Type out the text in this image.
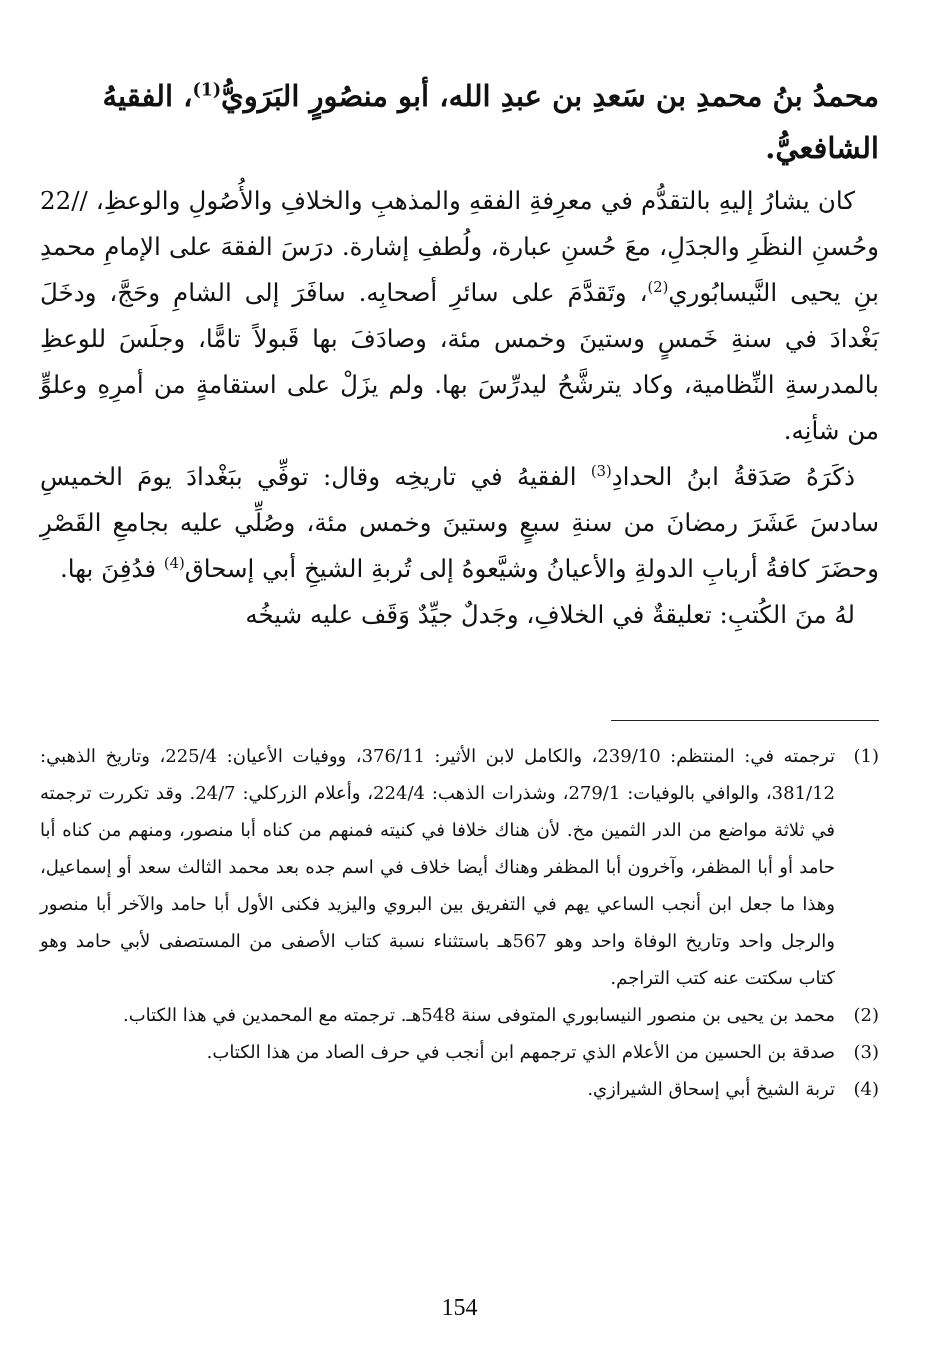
محمدُ بنُ محمدِ بن سَعدِ بن عبدِ الله، أبو منصُورٍ البَرَويُّ$^{(1)}$، الفقيهُ الشافعيُّ.

كان يشارُ إليهِ بالتقدُّم في معرِفةِ الفقهِ والمذهبِ والخلافِ والأُصُولِ والوعظِ، //22 وحُسنِ النظَرِ والجدَلِ، معَ حُسنِ عبارة، ولُطفِ إشارة. درَسَ الفقهَ على الإمامِ محمدِ بنِ يحيى النَّيسابُوري$^{(2)}$، وتَقدَّمَ على سائرِ أصحابِه. سافَرَ إلى الشامِ وحَجَّ، ودخَلَ بَغْدادَ في سنةِ خَمسٍ وستينَ وخمس مئة، وصادَفَ بها قَبولاً تامًّا، وجلَسَ للوعظِ بالمدرسةِ النِّظامية، وكاد يترشَّحُ ليدرِّسَ بها. ولم يزَلْ على استقامةٍ من أمرِهِ وعلوٍّ من شأنِه.

ذكَرَهُ صَدَقةُ ابنُ الحدادِ$^{(3)}$ الفقيهُ في تاريخِه وقال: توفِّي ببَغْدادَ يومَ الخميسِ سادسَ عَشَرَ رمضانَ من سنةِ سبعٍ وستينَ وخمس مئة، وصُلِّي عليه بجامعِ القَصْرِ وحضَرَ كافةُ أربابِ الدولةِ والأعيانُ وشيَّعوهُ إلى تُربةِ الشيخِ أبي إسحاق$^{(4)}$ فدُفِنَ بها.

لهُ منَ الكُتبِ: تعليقةٌ في الخلافِ، وجَدلٌ جيِّدٌ وَقَف عليه شيخُه

(1)
ترجمته في: المنتظم: 239/10، والكامل لابن الأثير: 376/11، ووفيات الأعيان: 225/4، وتاريخ الذهبي: 381/12، والوافي بالوفيات: 279/1، وشذرات الذهب: 224/4، وأعلام الزركلي: 24/7. وقد تكررت ترجمته في ثلاثة مواضع من الدر الثمين مخ. لأن هناك خلافا في كنيته فمنهم من كناه أبا منصور، ومنهم من كناه أبا حامد أو أبا المظفر، وآخرون أبا المظفر وهناك أيضا خلاف في اسم جده بعد محمد الثالث سعد أو إسماعيل، وهذا ما جعل ابن أنجب الساعي يهم في التفريق بين البروي واليزيد فكنى الأول أبا حامد والآخر أبا منصور والرجل واحد وتاريخ الوفاة واحد وهو 567هـ باستثناء نسبة كتاب الأصفى من المستصفى لأبي حامد وهو كتاب سكتت عنه كتب التراجم.
(2)
محمد بن يحيى بن منصور النيسابوري المتوفى سنة 548هـ. ترجمته مع المحمدين في هذا الكتاب.
(3)
صدقة بن الحسين من الأعلام الذي ترجمهم ابن أنجب في حرف الصاد من هذا الكتاب.
(4)
تربة الشيخ أبي إسحاق الشيرازي.
154
